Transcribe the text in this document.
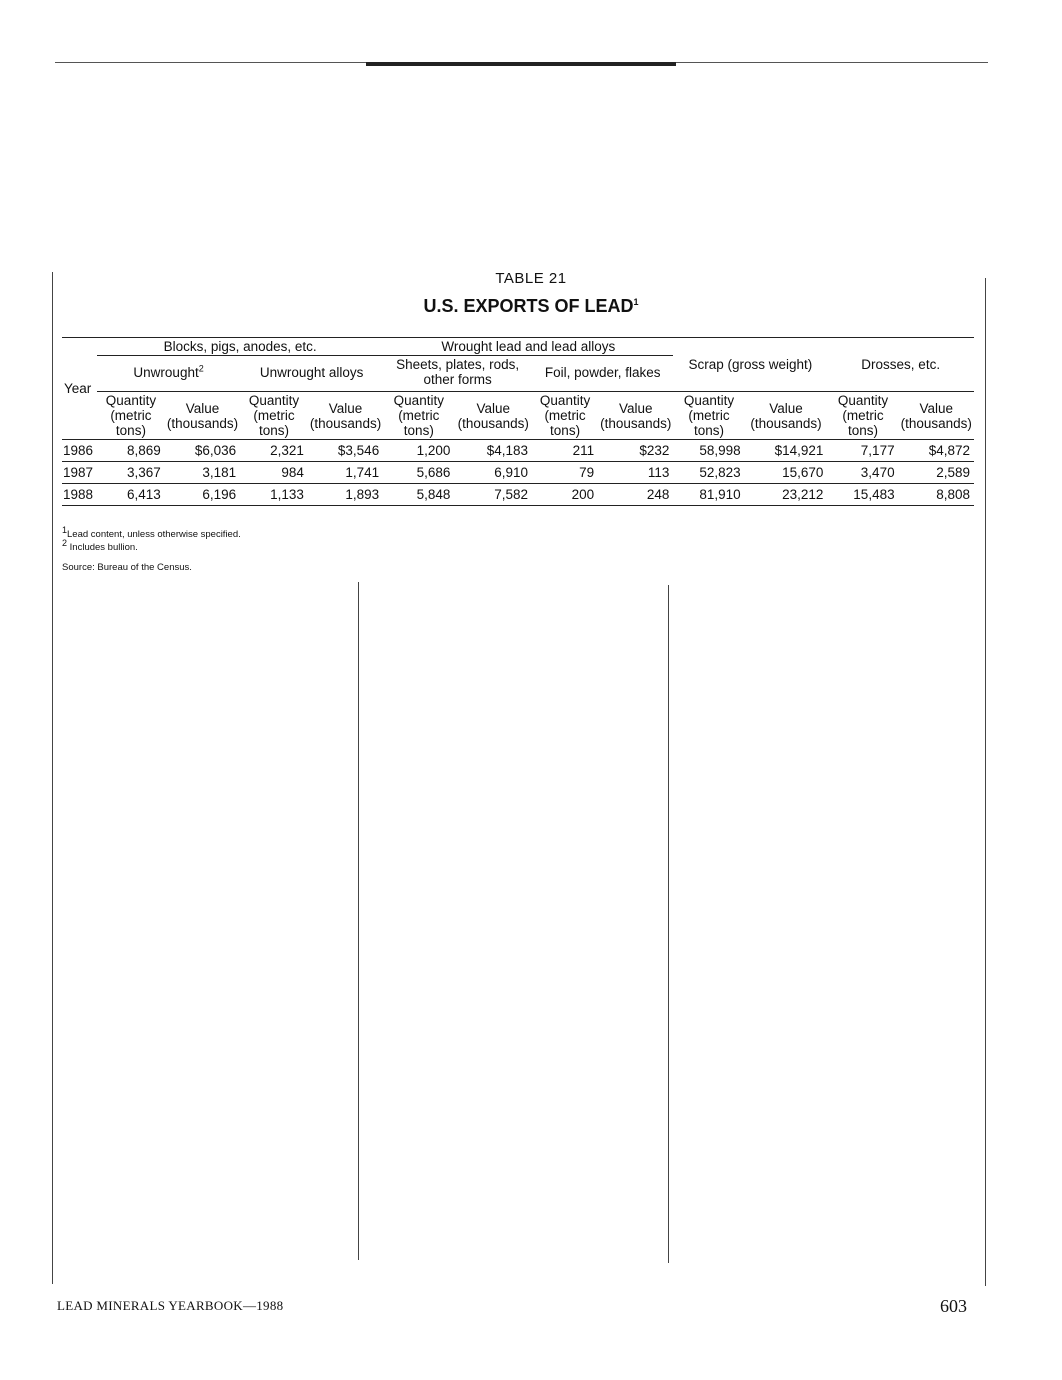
TABLE 21
U.S. EXPORTS OF LEAD$^1$
Year	Blocks, pigs, anodes, etc.				Wrought lead and lead alloys				Scrap (gross weight)		Drosses, etc.	
	Unwrought$^2$		Unwrought alloys		Sheets, plates, rods, other forms		Foil, powder, flakes					
	Quantity (metric tons)	Value (thousands)	Quantity (metric tons)	Value (thousands)	Quantity (metric tons)	Value (thousands)	Quantity (metric tons)	Value (thousands)	Quantity (metric tons)	Value (thousands)	Quantity (metric tons)	Value (thousands)
1986	8,869	$6,036	2,321	$3,546	1,200	$4,183	211	$232	58,998	$14,921	7,177	$4,872
1987	3,367	3,181	984	1,741	5,686	6,910	79	113	52,823	15,670	3,470	2,589
1988	6,413	6,196	1,133	1,893	5,848	7,582	200	248	81,910	23,212	15,483	8,808
$^1$Lead content, unless otherwise specified.
$^2$ Includes bullion.
Source: Bureau of the Census.
LEAD MINERALS YEARBOOK—1988	603
